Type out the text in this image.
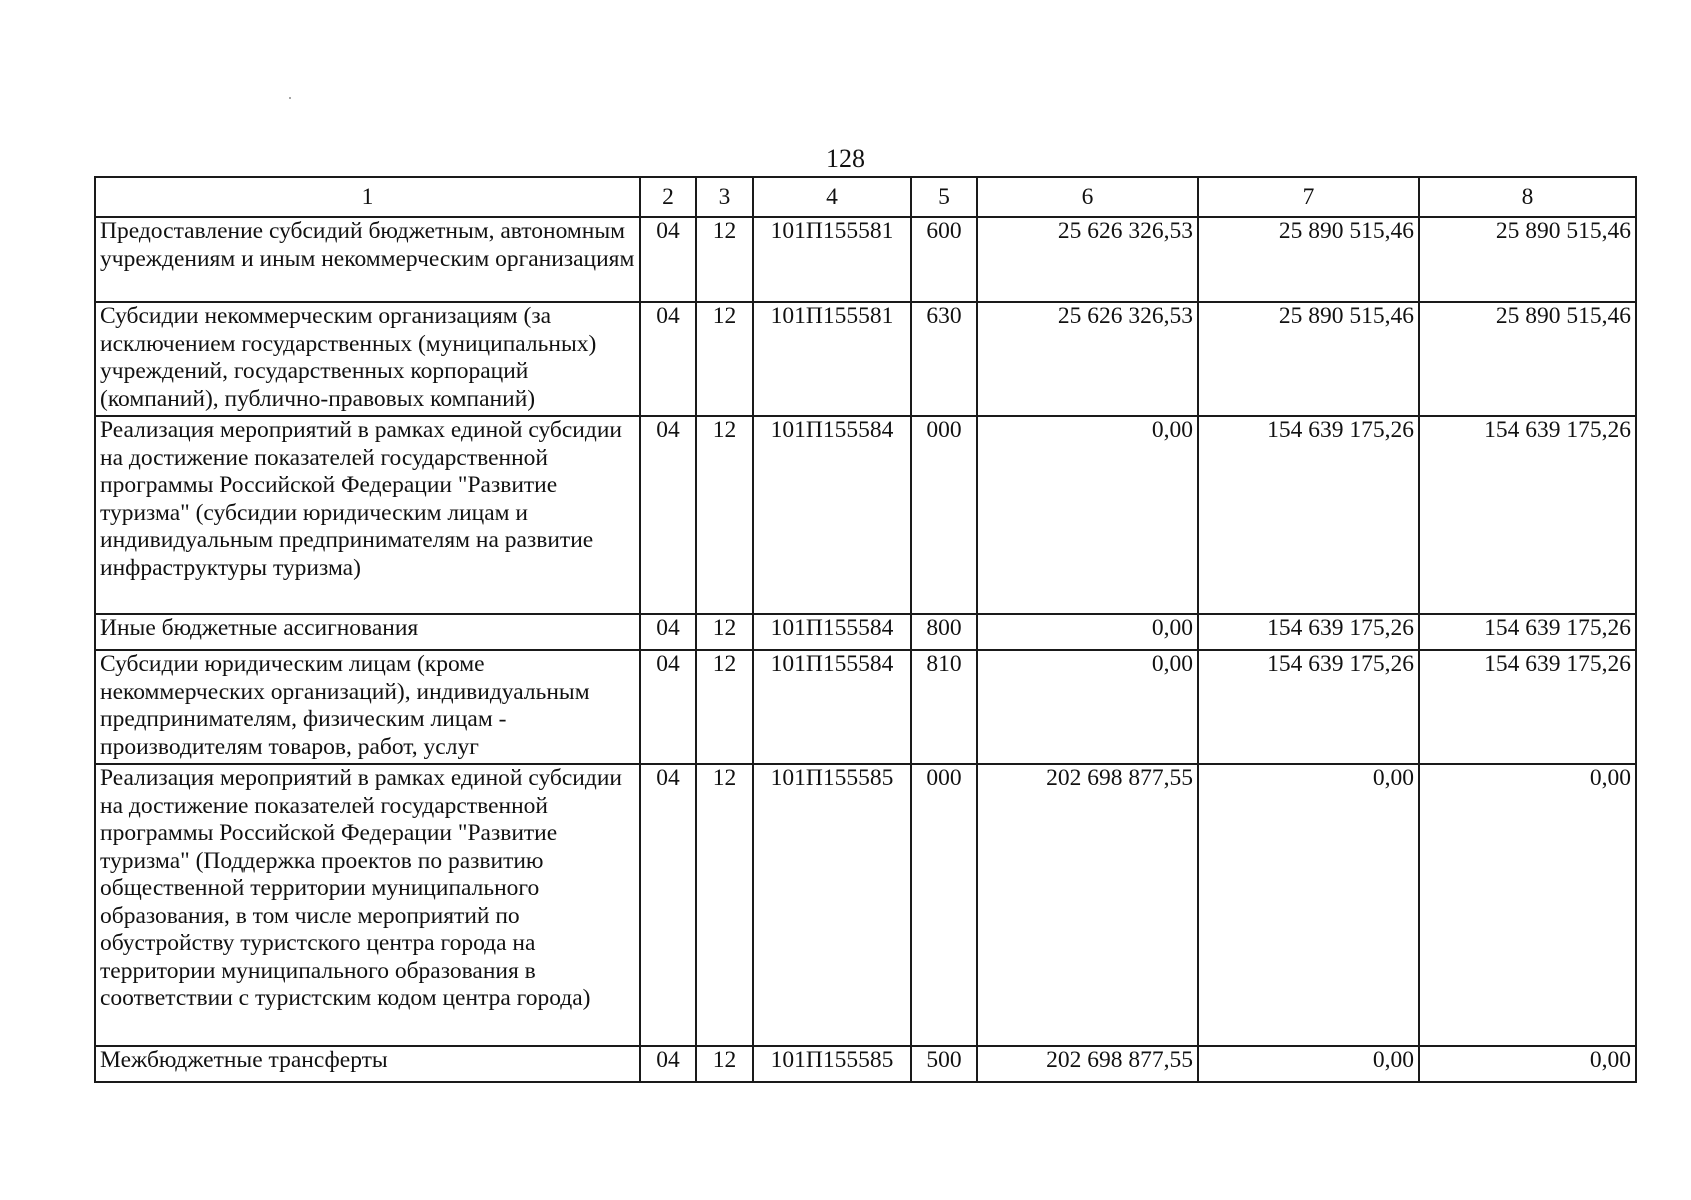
128
1	2	3	4	5	6	7	8
Предоставление субсидий бюджетным, автономным учреждениям и иным некоммерческим организациям	04	12	101П155581	600	25 626 326,53	25 890 515,46	25 890 515,46
Субсидии некоммерческим организациям (за исключением государственных (муниципальных) учреждений, государственных корпораций (компаний), публично-правовых компаний)	04	12	101П155581	630	25 626 326,53	25 890 515,46	25 890 515,46
Реализация мероприятий в рамках единой субсидии на достижение показателей государственной программы Российской Федерации "Развитие туризма" (субсидии юридическим лицам и индивидуальным предпринимателям на развитие инфраструктуры туризма)	04	12	101П155584	000	0,00	154 639 175,26	154 639 175,26
Иные бюджетные ассигнования	04	12	101П155584	800	0,00	154 639 175,26	154 639 175,26
Субсидии юридическим лицам (кроме некоммерческих организаций), индивидуальным предпринимателям, физическим лицам - производителям товаров, работ, услуг	04	12	101П155584	810	0,00	154 639 175,26	154 639 175,26
Реализация мероприятий в рамках единой субсидии на достижение показателей государственной программы Российской Федерации "Развитие туризма" (Поддержка проектов по развитию общественной территории муниципального образования, в том числе мероприятий по обустройству туристского центра города на территории муниципального образования в соответствии с туристским кодом центра города)	04	12	101П155585	000	202 698 877,55	0,00	0,00
Межбюджетные трансферты	04	12	101П155585	500	202 698 877,55	0,00	0,00
